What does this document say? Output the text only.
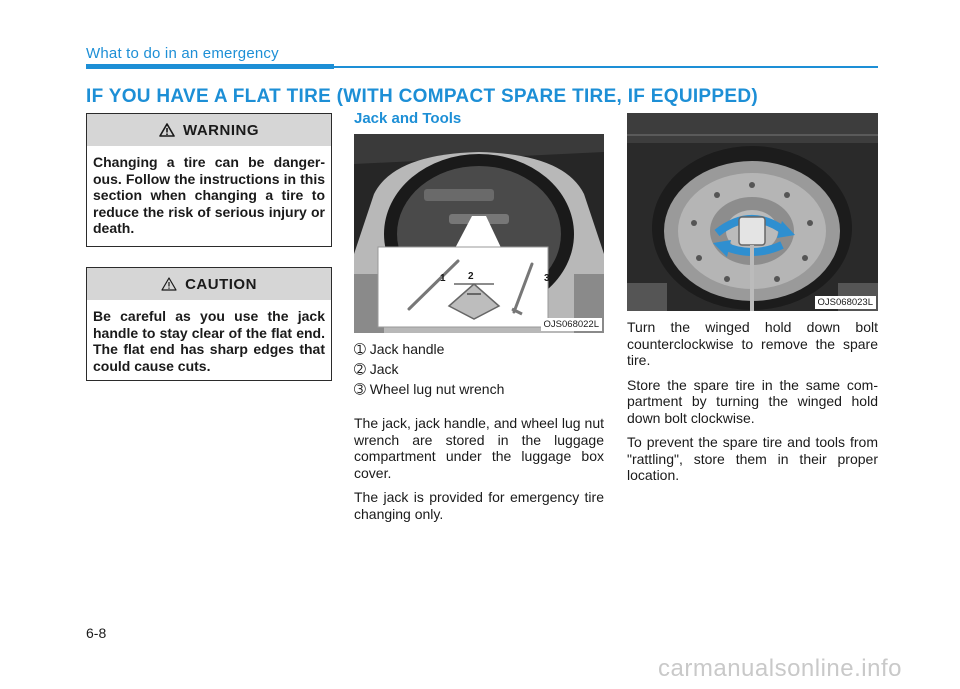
What to do in an emergency
IF YOU HAVE A FLAT TIRE (WITH COMPACT SPARE TIRE, IF EQUIPPED)
WARNING
Changing a tire can be danger-ous. Follow the instructions in this section when changing a tire to reduce the risk of serious injury or death.
CAUTION
Be careful as you use the jack handle to stay clear of the flat end. The flat end has sharp edges that could cause cuts.
Jack and Tools
1 2	3
OJS068022L

➀ Jack handle

➁ Jack

➂ Wheel lug nut wrench

The jack, jack handle, and wheel lug nut wrench are stored in the luggage compartment under the luggage box cover.

The jack is provided for emergency tire changing only.

OJS068023L

Turn the winged hold down bolt counterclockwise to remove the spare tire.

Store the spare tire in the same com-partment by turning the winged hold down bolt clockwise.

To prevent the spare tire and tools from "rattling", store them in their proper location.

6-8
carmanualsonline.info
